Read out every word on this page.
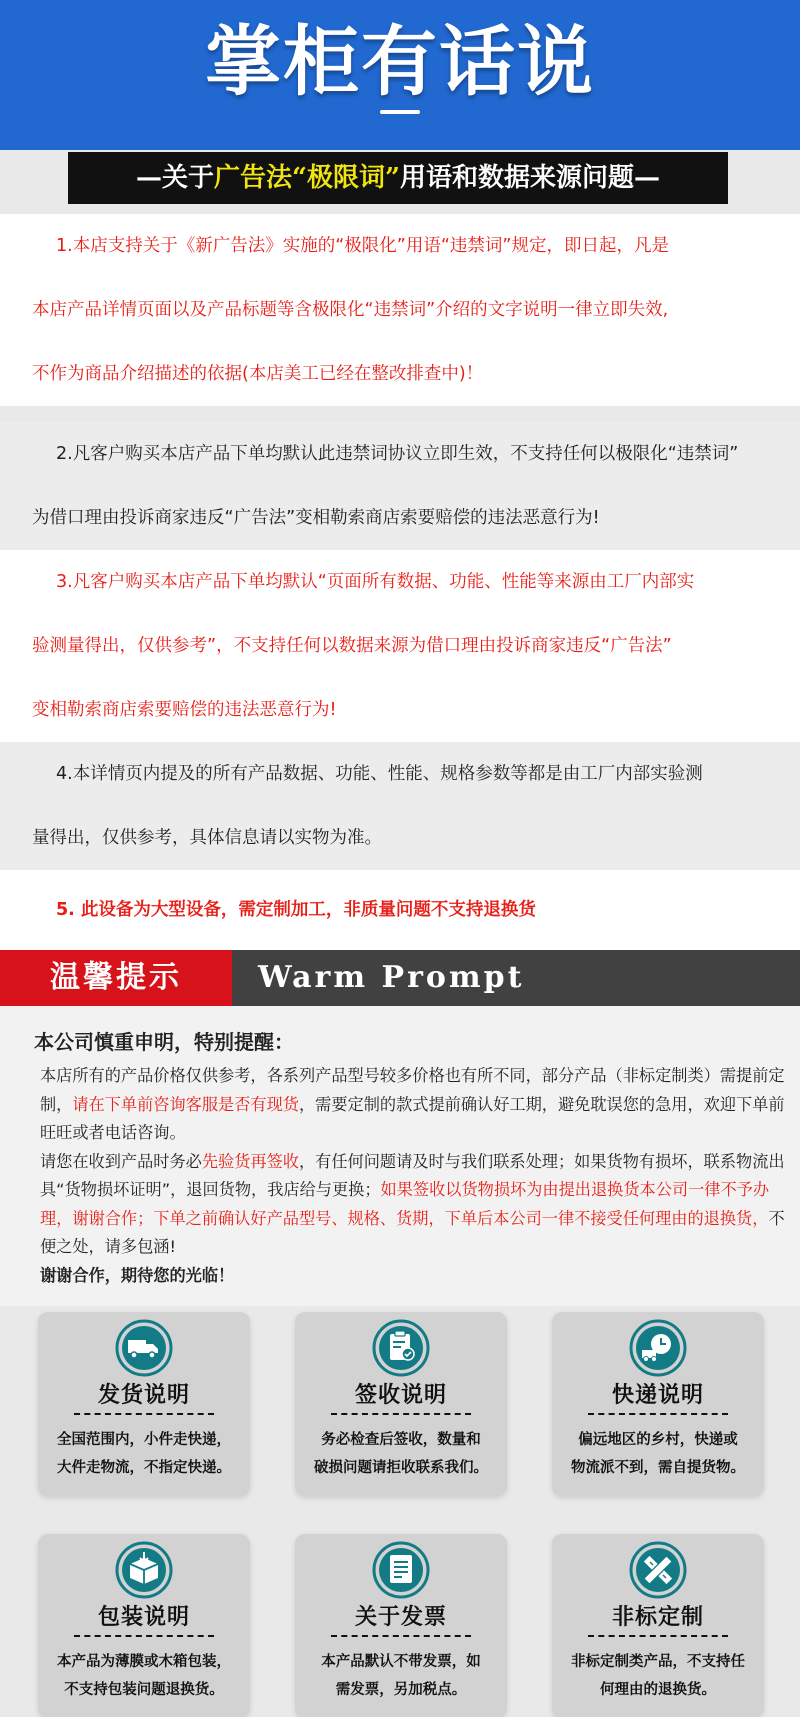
掌柜有话说
—关于广告法“极限词”用语和数据来源问题—

1.本店支持关于《新广告法》实施的“极限化”用语“违禁词”规定，即日起，凡是

本店产品详情页面以及产品标题等含极限化“违禁词”介绍的文字说明一律立即失效,

不作为商品介绍描述的依据(本店美工已经在整改排查中)！

2.凡客户购买本店产品下单均默认此违禁词协议立即生效，不支持任何以极限化“违禁词”

为借口理由投诉商家违反“广告法”变相勒索商店索要赔偿的违法恶意行为!

3.凡客户购买本店产品下单均默认“页面所有数据、功能、性能等来源由工厂内部实

验测量得出，仅供参考”，不支持任何以数据来源为借口理由投诉商家违反“广告法”

变相勒索商店索要赔偿的违法恶意行为!

4.本详情页内提及的所有产品数据、功能、性能、规格参数等都是由工厂内部实验测

量得出，仅供参考，具体信息请以实物为准。

5. 此设备为大型设备，需定制加工，非质量问题不支持退换货

温馨提示	Warm Prompt
本公司慎重申明，特别提醒：

本店所有的产品价格仅供参考，各系列产品型号较多价格也有所不同，部分产品（非标定制类）需提前定制，请在下单前咨询客服是否有现货，需要定制的款式提前确认好工期，避免耽误您的急用，欢迎下单前旺旺或者电话咨询。

请您在收到产品时务必先验货再签收，有任何问题请及时与我们联系处理；如果货物有损坏，联系物流出具“货物损坏证明”，退回货物，我店给与更换；如果签收以货物损坏为由提出退换货本公司一律不予办理，谢谢合作；下单之前确认好产品型号、规格、货期，下单后本公司一律不接受任何理由的退换货，不便之处，请多包涵!

谢谢合作，期待您的光临！

发货说明
全国范围内，小件走快递，
大件走物流，不指定快递。
签收说明
务必检查后签收，数量和
破损问题请拒收联系我们。
快递说明
偏远地区的乡村，快递或
物流派不到，需自提货物。
包装说明
本产品为薄膜或木箱包装，
不支持包装问题退换货。
关于发票
本产品默认不带发票，如
需发票，另加税点。
非标定制
非标定制类产品，不支持任
何理由的退换货。
